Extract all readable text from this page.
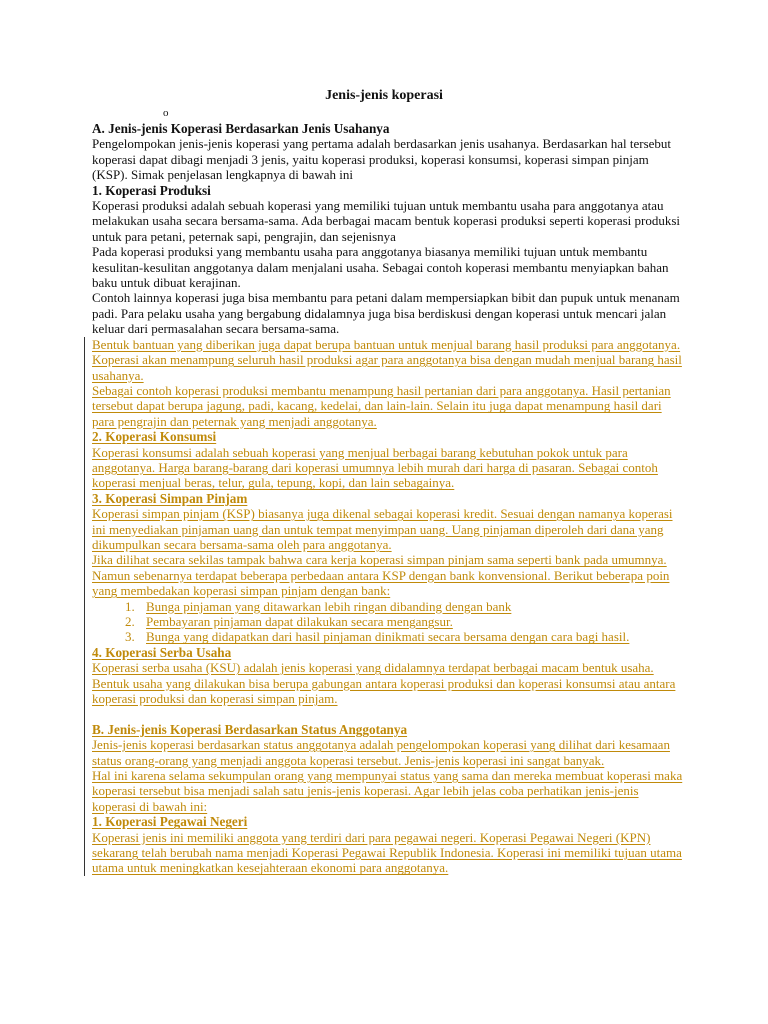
Jenis-jenis koperasi
o

A. Jenis-jenis Koperasi Berdasarkan Jenis Usahanya

Pengelompokan jenis-jenis koperasi yang pertama adalah berdasarkan jenis usahanya. Berdasarkan hal tersebut koperasi dapat dibagi menjadi 3 jenis, yaitu koperasi produksi, koperasi konsumsi, koperasi simpan pinjam (KSP). Simak penjelasan lengkapnya di bawah ini

1. Koperasi Produksi

Koperasi produksi adalah sebuah koperasi yang memiliki tujuan untuk membantu usaha para anggotanya atau melakukan usaha secara bersama-sama. Ada berbagai macam bentuk koperasi produksi seperti koperasi produksi untuk para petani, peternak sapi, pengrajin, dan sejenisnya

Pada koperasi produksi yang membantu usaha para anggotanya biasanya memiliki tujuan untuk membantu kesulitan-kesulitan anggotanya dalam menjalani usaha. Sebagai contoh koperasi membantu menyiapkan bahan baku untuk dibuat kerajinan.

Contoh lainnya koperasi juga bisa membantu para petani dalam mempersiapkan bibit dan pupuk untuk menanam padi. Para pelaku usaha yang bergabung didalamnya juga bisa berdiskusi dengan koperasi untuk mencari jalan keluar dari permasalahan secara bersama-sama.

Bentuk bantuan yang diberikan juga dapat berupa bantuan untuk menjual barang hasil produksi para anggotanya. Koperasi akan menampung seluruh hasil produksi agar para anggotanya bisa dengan mudah menjual barang hasil usahanya.

Sebagai contoh koperasi produksi membantu menampung hasil pertanian dari para anggotanya. Hasil pertanian tersebut dapat berupa jagung, padi, kacang, kedelai, dan lain-lain. Selain itu juga dapat menampung hasil dari para pengrajin dan peternak yang menjadi anggotanya.

2. Koperasi Konsumsi

Koperasi konsumsi adalah sebuah koperasi yang menjual berbagai barang kebutuhan pokok untuk para anggotanya. Harga barang-barang dari koperasi umumnya lebih murah dari harga di pasaran. Sebagai contoh koperasi menjual beras, telur, gula, tepung, kopi, dan lain sebagainya.

3. Koperasi Simpan Pinjam

Koperasi simpan pinjam (KSP) biasanya juga dikenal sebagai koperasi kredit. Sesuai dengan namanya koperasi ini menyediakan pinjaman uang dan untuk tempat menyimpan uang. Uang pinjaman diperoleh dari dana yang dikumpulkan secara bersama-sama oleh para anggotanya.

Jika dilihat secara sekilas tampak bahwa cara kerja koperasi simpan pinjam sama seperti bank pada umumnya. Namun sebenarnya terdapat beberapa perbedaan antara KSP dengan bank konvensional. Berikut beberapa poin yang membedakan koperasi simpan pinjam dengan bank:

1. Bunga pinjaman yang ditawarkan lebih ringan dibanding dengan bank
2. Pembayaran pinjaman dapat dilakukan secara mengangsur.
3. Bunga yang didapatkan dari hasil pinjaman dinikmati secara bersama dengan cara bagi hasil.

4. Koperasi Serba Usaha

Koperasi serba usaha (KSU) adalah jenis koperasi yang didalamnya terdapat berbagai macam bentuk usaha. Bentuk usaha yang dilakukan bisa berupa gabungan antara koperasi produksi dan koperasi konsumsi atau antara koperasi produksi dan koperasi simpan pinjam.

B. Jenis-jenis Koperasi Berdasarkan Status Anggotanya

Jenis-jenis koperasi berdasarkan status anggotanya adalah pengelompokan koperasi yang dilihat dari kesamaan status orang-orang yang menjadi anggota koperasi tersebut. Jenis-jenis koperasi ini sangat banyak.

Hal ini karena selama sekumpulan orang yang mempunyai status yang sama dan mereka membuat koperasi maka koperasi tersebut bisa menjadi salah satu jenis-jenis koperasi. Agar lebih jelas coba perhatikan jenis-jenis koperasi di bawah ini:

1. Koperasi Pegawai Negeri

Koperasi jenis ini memiliki anggota yang terdiri dari para pegawai negeri. Koperasi Pegawai Negeri (KPN) sekarang telah berubah nama menjadi Koperasi Pegawai Republik Indonesia. Koperasi ini memiliki tujuan utama utama untuk meningkatkan kesejahteraan ekonomi para anggotanya.
